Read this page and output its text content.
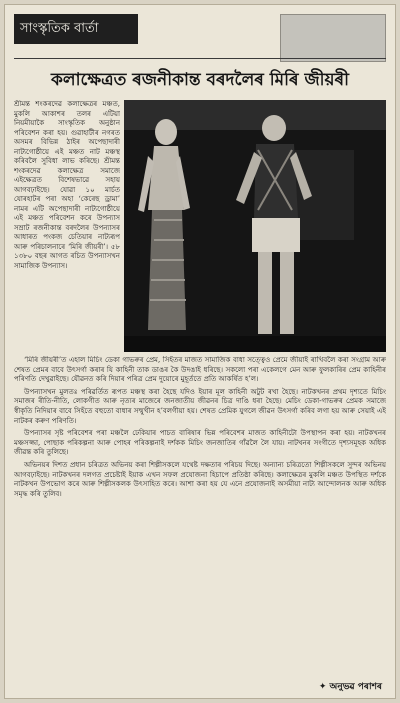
সাংস্কৃতিক বাৰ্তা
কলাক্ষেত্ৰত ৰজনীকান্ত বৰদলৈৰ মিৰি জীয়ৰী
শ্ৰীমন্ত শংকৰদেৱ কলাক্ষেত্ৰৰ মঞ্চত, মুকলি আকাশৰ তলৰ এটিয়া নিয়মীয়াকৈ সাংস্কৃতিক অনুষ্ঠান পৰিবেশন কৰা হয়। গুৱাহাটীৰ নগৰত অসমৰ বিভিন্ন ঠাইৰ অপেছাদাৰী নাট্যগোষ্ঠীয়ে এই মঞ্চত নাট মঞ্চস্থ কৰিবলৈ সুবিধা লাভ কৰিছে। শ্ৰীমন্ত শংকৰদেৱ কলাক্ষেত্ৰ সমাজে এইক্ষেত্ৰত বিশেষভাৱে সহায় আগবঢ়াইছে। যোৱা ১০ মাৰ্চত যোৰহাটৰ পৰা অহা ‘কেৰেছ ড্ৰামা’ নামৰ এটি অপেছাদাৰী নাট্যগোষ্ঠীয়ে এই মঞ্চত পৰিবেশন কৰে উপন্যাস সম্ৰাট ৰজনীকান্ত বৰদলৈৰ উপন্যাসৰ আধাৰত পংকজ চেতিয়াৰ নাট্যৰূপ আৰু পৰিচালনাৰে ‘মিৰি জীয়ৰী’। ৫৮ ১৩৮০ বছৰ আগত ৰচিত উপন্যাসখন সামাজিক উপন্যাস।

‘মিৰি জীয়ৰী’ত এহাল মিচিং ডেকা গাভৰুৰ প্ৰেম, সিহঁতৰ মাজত সামাজিক বাধা সত্ত্বেও প্ৰেমে জীয়াই ৰাখিবলৈ কৰা সংগ্ৰাম আৰু শেষত প্ৰেমৰ বাবে উৎসৰ্গা কৰাৰ যি কাহিনী তাক ডাঙৰ কৈ উদঙাই ধৰিছে। সকলো পৰা একেলগে মেন আৰু ফুলকাৰিৰ প্ৰেম কাহিনীৰ পৰিণতি দেখুৱাইছে। যৌৱনত কৰি দিয়াৰ পৰিত্ৰ প্ৰেম দুয়োৰে মুহূৰ্ততে প্ৰতি আকৰ্ষিত হ’ল।

উপন্যাসখন মুলতঃ পৰিৱৰ্তিত ৰূপত মঞ্চস্থ কৰা হৈছে যদিও ইয়াৰ মূল কাহিনী অটুট ৰখা হৈছে। নাটকখনৰ প্ৰথম দৃশ্যতে মিচিং সমাজৰ ৰীতি-নীতি, লোকগীত আৰু নৃত্যৰ মাজেৰে জনজাতীয় জীৱনৰ চিত্ৰ দাঙি ধৰা হৈছে। মেচিং ডেকা-গাভৰুৰ প্ৰেমক সমাজে স্বীকৃতি নিদিয়াৰ বাবে সিহঁতে বহুতো বাধাৰ সন্মুখীন হ’বলগীয়া হয়। শেষত প্ৰেমিক যুগলে জীৱন উৎসৰ্গা কৰিব লগা হয় আৰু সেয়াই এই নাটকৰ কৰুণ পৰিণতি।

উপন্যাসৰ সৃষ্ট পৰিবেশৰ পৰা মঞ্চলৈ ঢেকিয়াৰ পাচত বাৰিষাৰ ভিন্ন পৰিবেশৰ মাজত কাহিনীটো উপস্থাপন কৰা হয়। নাটকখনৰ মঞ্চসজ্জা, পোছাক পৰিকল্পনা আৰু পোহৰ পৰিকল্পনাই দৰ্শকক মিচিং জনজাতিৰ গাঁৱলৈ লৈ যায়। নাটখনৰ সংগীতে দৃশ্যসমূহক অধিক জীৱন্ত কৰি তুলিছে।

অভিনয়ৰ দিশত প্ৰধান চৰিত্ৰত অভিনয় কৰা শিল্পীসকলে যথেষ্ট দক্ষতাৰ পৰিচয় দিছে। অন্যান্য চৰিত্ৰতো শিল্পীসকলে সুন্দৰ অভিনয় আগবঢ়াইছে। নাটকখনৰ দলগত প্ৰচেষ্টাই ইয়াক এখন সফল প্ৰযোজনা হিচাপে প্ৰতিষ্ঠা কৰিছে। কলাক্ষেত্ৰৰ মুকলি মঞ্চত উপস্থিত দৰ্শকে নাটকখন উপভোগ কৰে আৰু শিল্পীসকলক উৎসাহিত কৰে। আশা কৰা হয় যে এনে প্ৰযোজনাই অসমীয়া নাট্য আন্দোলনক আৰু অধিক সমৃদ্ধ কৰি তুলিব।

✦ অনুভৱ পৰাশৰ
